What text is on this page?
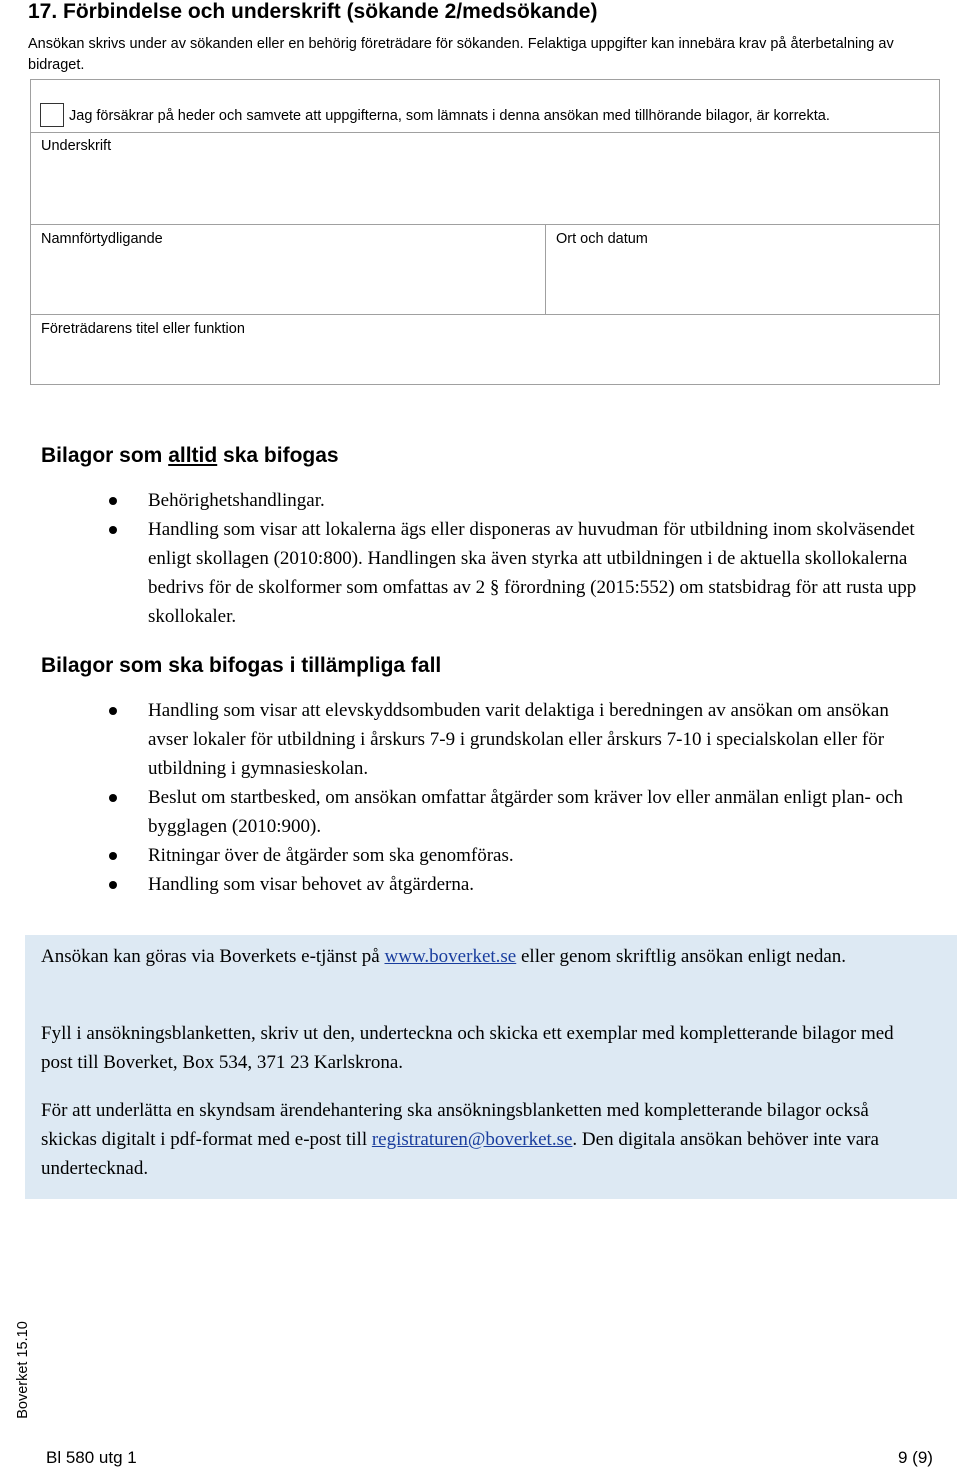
17. Förbindelse och underskrift (sökande 2/medsökande)
Ansökan skrivs under av sökanden eller en behörig företrädare för sökanden. Felaktiga uppgifter kan innebära krav på återbetalning av bidraget.
Jag försäkrar på heder och samvete att uppgifterna, som lämnats i denna ansökan med tillhörande bilagor, är korrekta.
Underskrift
Namnförtydligande	Ort och datum
Företrädarens titel eller funktion
Bilagor som alltid ska bifogas
Behörighetshandlingar.
Handling som visar att lokalerna ägs eller disponeras av huvudman för utbildning inom skolväsendet enligt skollagen (2010:800). Handlingen ska även styrka att utbildningen i de aktuella skollokalerna bedrivs för de skolformer som omfattas av 2 § förordning (2015:552) om statsbidrag för att rusta upp skollokaler.
Bilagor som ska bifogas i tillämpliga fall
Handling som visar att elevskyddsombuden varit delaktiga i beredningen av ansökan om ansökan avser lokaler för utbildning i årskurs 7-9 i grundskolan eller årskurs 7-10 i specialskolan eller för utbildning i gymnasieskolan.
Beslut om startbesked, om ansökan omfattar åtgärder som kräver lov eller anmälan enligt plan- och bygglagen (2010:900).
Ritningar över de åtgärder som ska genomföras.
Handling som visar behovet av åtgärderna.
Ansökan kan göras via Boverkets e-tjänst på www.boverket.se eller genom skriftlig ansökan enligt nedan.
Fyll i ansökningsblanketten, skriv ut den, underteckna och skicka ett exemplar med kompletterande bilagor med post till Boverket, Box 534, 371 23 Karlskrona.
För att underlätta en skyndsam ärendehantering ska ansökningsblanketten med kompletterande bilagor också skickas digitalt i pdf-format med e-post till registraturen@boverket.se. Den digitala ansökan behöver inte vara undertecknad.
Boverket 15.10
Bl 580 utg 1	9 (9)
